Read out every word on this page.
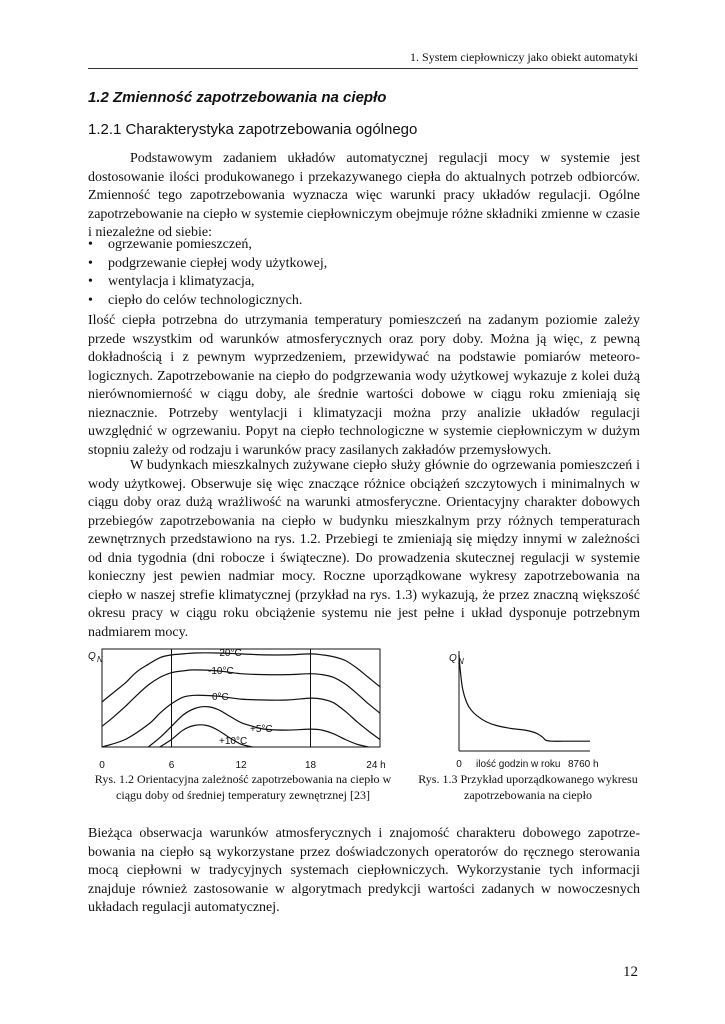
1. System ciepłowniczy jako obiekt automatyki
1.2 Zmienność zapotrzebowania na ciepło
1.2.1 Charakterystyka zapotrzebowania ogólnego

Podstawowym zadaniem układów automatycznej regulacji mocy w systemie jest dostosowanie ilości produkowanego i przekazywanego ciepła do aktualnych potrzeb odbiorców. Zmienność tego zapotrzebowania wyznacza więc warunki pracy układów regulacji. Ogólne zapotrzebowanie na ciepło w systemie ciepłowniczym obejmuje różne składniki zmienne w czasie i niezależne od siebie:

• ogrzewanie pomieszczeń,
• podgrzewanie ciepłej wody użytkowej,
• wentylacja i klimatyzacja,
• ciepło do celów technologicznych.

Ilość ciepła potrzebna do utrzymania temperatury pomieszczeń na zadanym poziomie zależy przede wszystkim od warunków atmosferycznych oraz pory doby. Można ją więc, z pewną dokładnością i z pewnym wyprzedzeniem, przewidywać na podstawie pomiarów meteoro-logicznych. Zapotrzebowanie na ciepło do podgrzewania wody użytkowej wykazuje z kolei dużą nierównomierność w ciągu doby, ale średnie wartości dobowe w ciągu roku zmieniają się nieznacznie. Potrzeby wentylacji i klimatyzacji można przy analizie układów regulacji uwzględnić w ogrzewaniu. Popyt na ciepło technologiczne w systemie ciepłowniczym w dużym stopniu zależy od rodzaju i warunków pracy zasilanych zakładów przemysłowych.

W budynkach mieszkalnych zużywane ciepło służy głównie do ogrzewania pomieszczeń i wody użytkowej. Obserwuje się więc znaczące różnice obciążeń szczytowych i minimalnych w ciągu doby oraz dużą wrażliwość na warunki atmosferyczne. Orientacyjny charakter dobowych przebiegów zapotrzebowania na ciepło w budynku mieszkalnym przy różnych temperaturach zewnętrznych przedstawiono na rys. 1.2. Przebiegi te zmieniają się między innymi w zależności od dnia tygodnia (dni robocze i świąteczne). Do prowadzenia skutecznej regulacji w systemie konieczny jest pewien nadmiar mocy. Roczne uporządkowane wykresy zapotrzebowania na ciepło w naszej strefie klimatycznej (przykład na rys. 1.3) wykazują, że przez znaczną większość okresu pracy w ciągu roku obciążenie systemu nie jest pełne i układ dysponuje potrzebnym nadmiarem mocy.

Q N
0	6	12	18	24 h
-20°C
-10°C
0°C
+5°C
+10°C
Q N
0 ilość godzin w roku 8760 h
Rys. 1.2 Orientacyjna zależność zapotrzebowania na ciepło w ciągu doby od średniej temperatury zewnętrznej [23]
Rys. 1.3 Przykład uporządkowanego wykresu zapotrzebowania na ciepło

Bieżąca obserwacja warunków atmosferycznych i znajomość charakteru dobowego zapotrze-bowania na ciepło są wykorzystane przez doświadczonych operatorów do ręcznego sterowania mocą ciepłowni w tradycyjnych systemach ciepłowniczych. Wykorzystanie tych informacji znajduje również zastosowanie w algorytmach predykcji wartości zadanych w nowoczesnych układach regulacji automatycznej.

12
